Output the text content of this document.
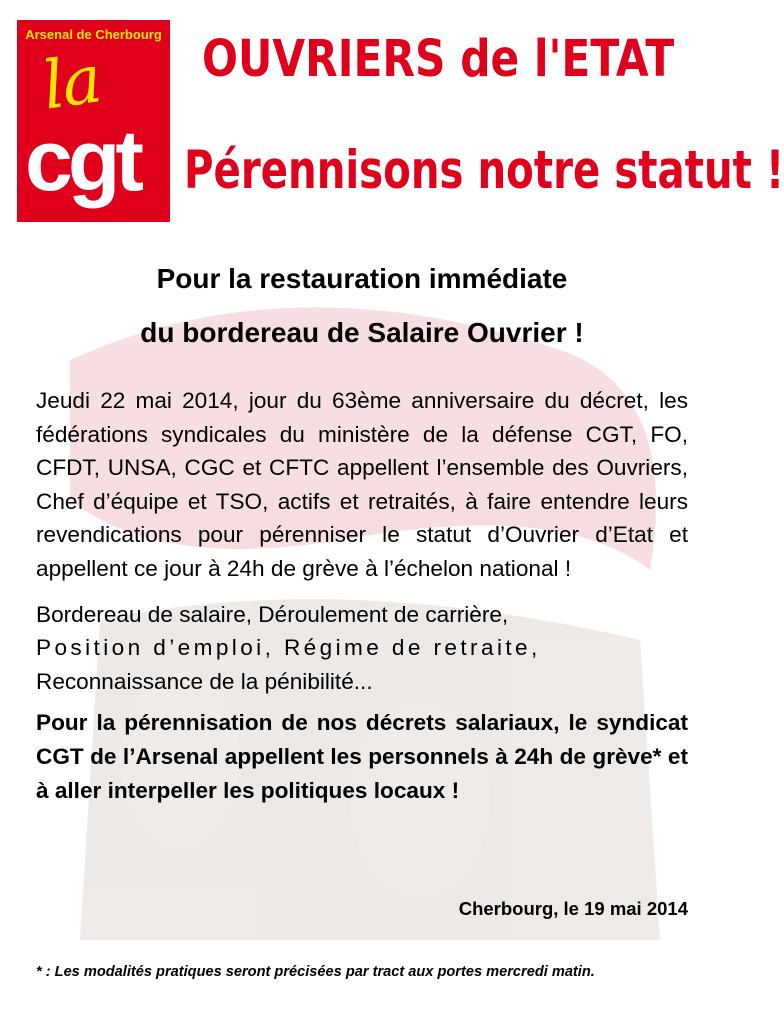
Arsenal de Cherbourg
la
cgt
OUVRIERS de l'ETAT
Pérennisons notre statut !
Pour la restauration immédiate
du bordereau de Salaire Ouvrier !

Jeudi 22 mai 2014, jour du 63ème anniversaire du décret, les fédérations syndicales du ministère de la défense CGT, FO, CFDT, UNSA, CGC et CFTC appellent l’ensemble des Ouvriers, Chef d’équipe et TSO, actifs et retraités, à faire entendre leurs revendications pour pérenniser le statut d’Ouvrier d’Etat et appellent ce jour à 24h de grève à l’échelon national !

Bordereau de salaire, Déroulement de carrière,
Position d’emploi, Régime de retraite,
Reconnaissance de la pénibilité...

Pour la pérennisation de nos décrets salariaux, le syndicat CGT de l’Arsenal appellent les personnels à 24h de grève* et à aller interpeller les politiques locaux !

Cherbourg, le 19 mai 2014
* : Les modalités pratiques seront précisées par tract aux portes mercredi matin.
